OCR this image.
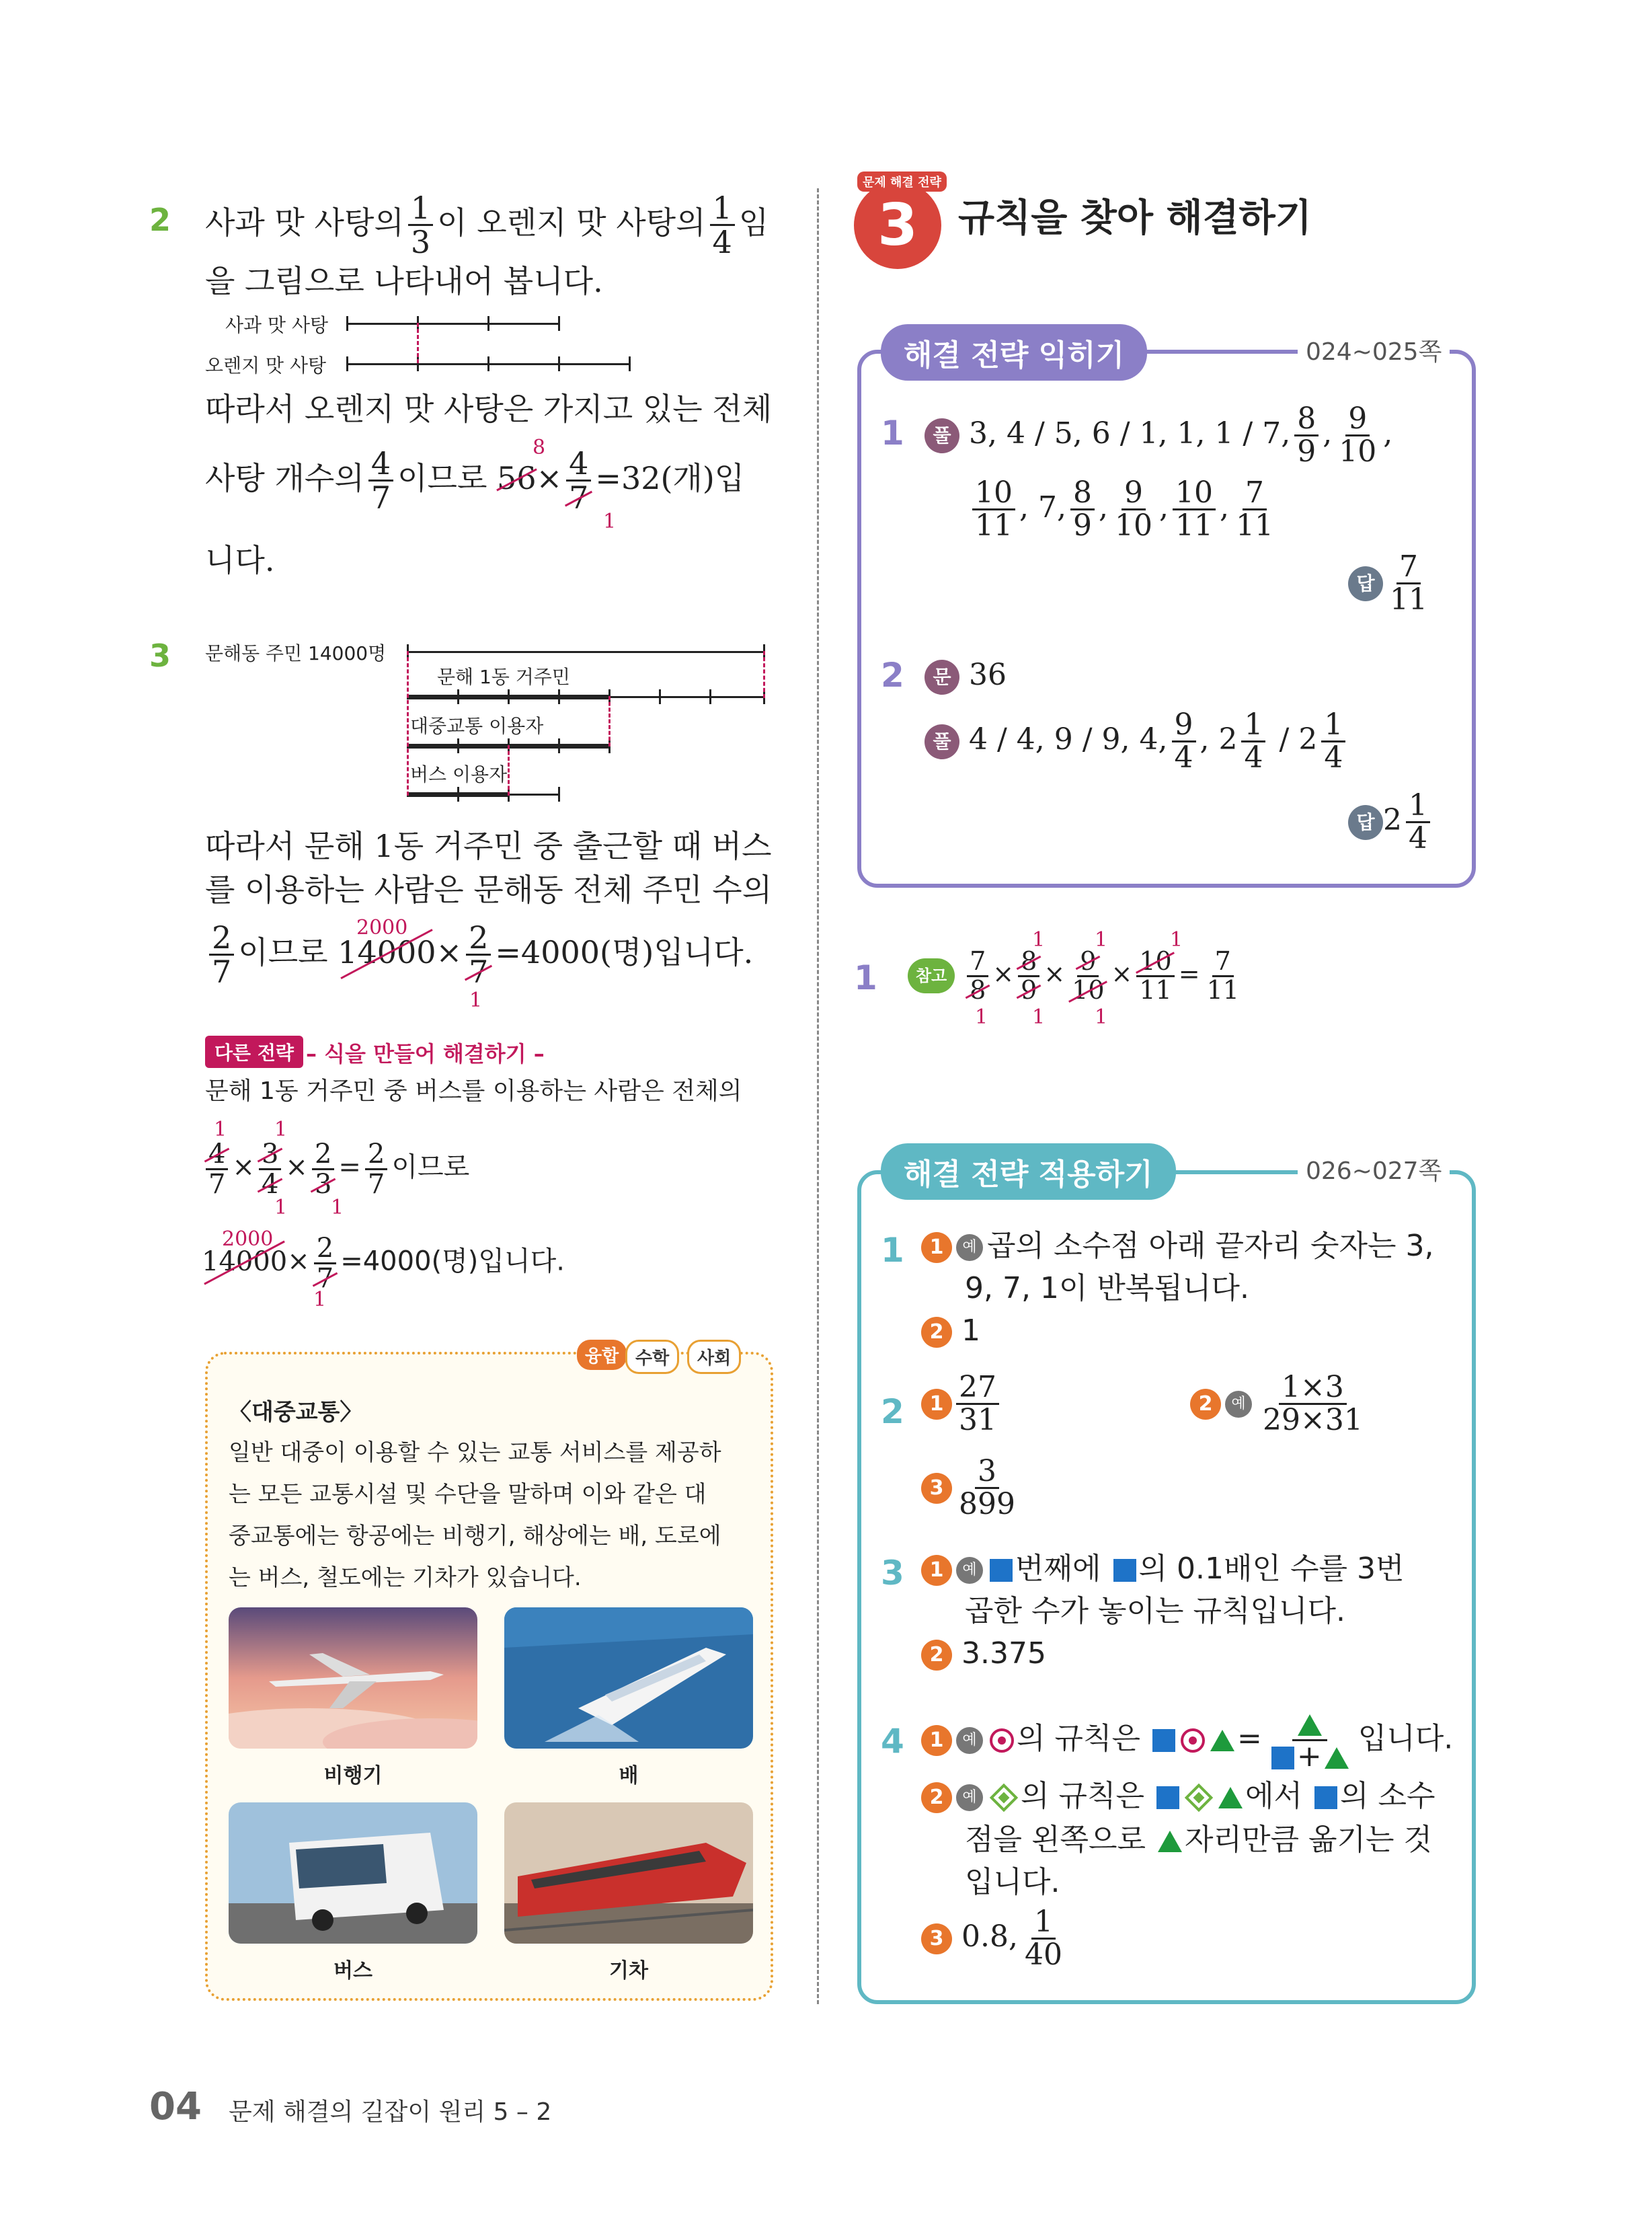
2 사과 맛 사탕의 $\frac{1}{3}$ 이 오렌지 맛 사탕의 $\frac{1}{4}$ 임
을 그림으로 나타내어 봅니다.
사과 맛 사탕
오렌지 맛 사탕
따라서 오렌지 맛 사탕은 가지고 있는 전체
사탕 개수의 $\frac{4}{7}$ 이므로 $56\times \frac{4}{7} =32$(개)입
8
1
니다.
3 문해동 주민 14000명
문해 1동 거주민
대중교통 이용자
버스 이용자
따라서 문해 1동 거주민 중 출근할 때 버스
를 이용하는 사람은 문해동 전체 주민 수의
$\frac{2}{7}$ 이므로 $14000\times \frac{2}{7} =4000$(명)입니다.
2000
1
다른 전략 – 식을 만들어 해결하기 –
문해 1동 거주민 중 버스를 이용하는 사람은 전체의
$\frac{4}{7} \times \frac{3}{4} \times \frac{2}{3} = \frac{2}{7}$ 이므로
1 1
1 1
$14000\times \frac{2}{7} =4000$(명)입니다.
2000
1
융합 수학	사회
〈대중교통〉
일반 대중이 이용할 수 있는 교통 서비스를 제공하
는 모든 교통시설 및 수단을 말하며 이와 같은 대
중교통에는 항공에는 비행기, 해상에는 배, 도로에
는 버스, 철도에는 기차가 있습니다.
비행기	배
버스	기차
3
문제 해결 전략
규칙을 찾아 해결하기
해결 전략 익히기	024~025쪽
1	풀 3, 4 / 5, 6 / 1, 1, 1 / 7, $\frac{8}{9}$ , $\frac{9}{10}$ ,
$\frac{10}{11}$ , 7, $\frac{8}{9}$ , $\frac{9}{10}$ , $\frac{10}{11}$ , $\frac{7}{11}$
답 $\frac{7}{11}$
2	문 36
풀 4 / 4, 9 / 9, 4, $\frac{9}{4}$ , $2 \frac{1}{4} / 2 \frac{1}{4}$
답 $2 \frac{1}{4}$
1	참고 $\frac{7}{8} \times \frac{8}{9} \times \frac{9}{10} \times \frac{10}{11} = \frac{7}{11}$
1
1
1
1
1
1
해결 전략 적용하기	026~027쪽
1	1 예 곱의 소수점 아래 끝자리 숫자는 3,
9, 7, 1이 반복됩니다.
2 1
2	$1 \frac{27}{31}$	2 예 $\frac{1\times 3}{29\times 31}$
$3 \frac{3}{899}$
3	1 예 번째에 의 0.1배인 수를 3번
곱한 수가 놓이는 규칙입니다.
2 3.375
4	1 예 의 규칙은	=
+
입니다.
2 예 의 규칙은	에서 의 소수
점을 왼쪽으로 자리만큼 옮기는 것
입니다.
3 0.8, $\frac{1}{40}$
04 문제 해결의 길잡이 원리 5 – 2
